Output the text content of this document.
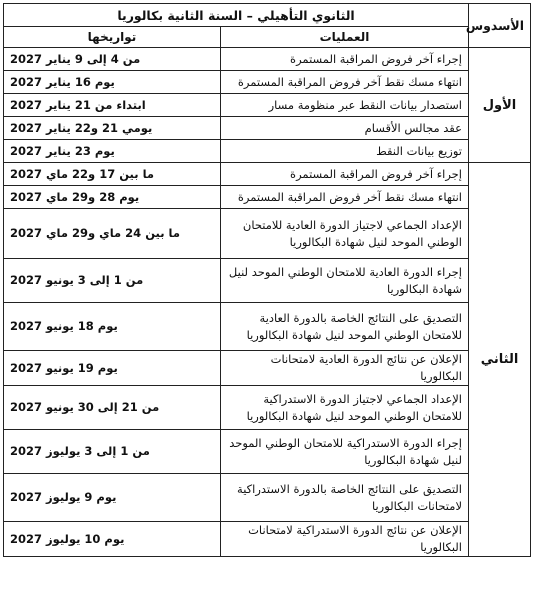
الأسدوس	الثانوي التأهيلي – السنة الثانية بكالوريا	
	العمليات	تواريخها
الأول	إجراء آخر فروض المراقبة المستمرة	من 4 إلى 9 يناير 2027
	انتهاء مسك نقط آخر فروض المراقبة المستمرة	يوم 16 يناير 2027
	استصدار بيانات النقط عبر منظومة مسار	ابتداء من 21 يناير 2027
	عقد مجالس الأقسام	يومي 21 و22 يناير 2027
	توزيع بيانات النقط	يوم 23 يناير 2027
الثاني	إجراء آخر فروض المراقبة المستمرة	ما بين 17 و22 ماي 2027
	انتهاء مسك نقط آخر فروض المراقبة المستمرة	يوم 28 و29 ماي 2027
	الإعداد الجماعي لاجتياز الدورة العادية للامتحان الوطني الموحد لنيل شهادة البكالوريا	ما بين 24 ماي و29 ماي 2027
	إجراء الدورة العادية للامتحان الوطني الموحد لنيل شهادة البكالوريا	من 1 إلى 3 يونيو 2027
	التصديق على النتائج الخاصة بالدورة العادية للامتحان الوطني الموحد لنيل شهادة البكالوريا	يوم 18 يونيو 2027
	الإعلان عن نتائج الدورة العادية لامتحانات البكالوريا	يوم 19 يونيو 2027
	الإعداد الجماعي لاجتياز الدورة الاستدراكية للامتحان الوطني الموحد لنيل شهادة البكالوريا	من 21 إلى 30 يونيو 2027
	إجراء الدورة الاستدراكية للامتحان الوطني الموحد لنيل شهادة البكالوريا	من 1 إلى 3 يوليوز 2027
	التصديق على النتائج الخاصة بالدورة الاستدراكية لامتحانات البكالوريا	يوم 9 يوليوز 2027
	الإعلان عن نتائج الدورة الاستدراكية لامتحانات البكالوريا	يوم 10 يوليوز 2027
